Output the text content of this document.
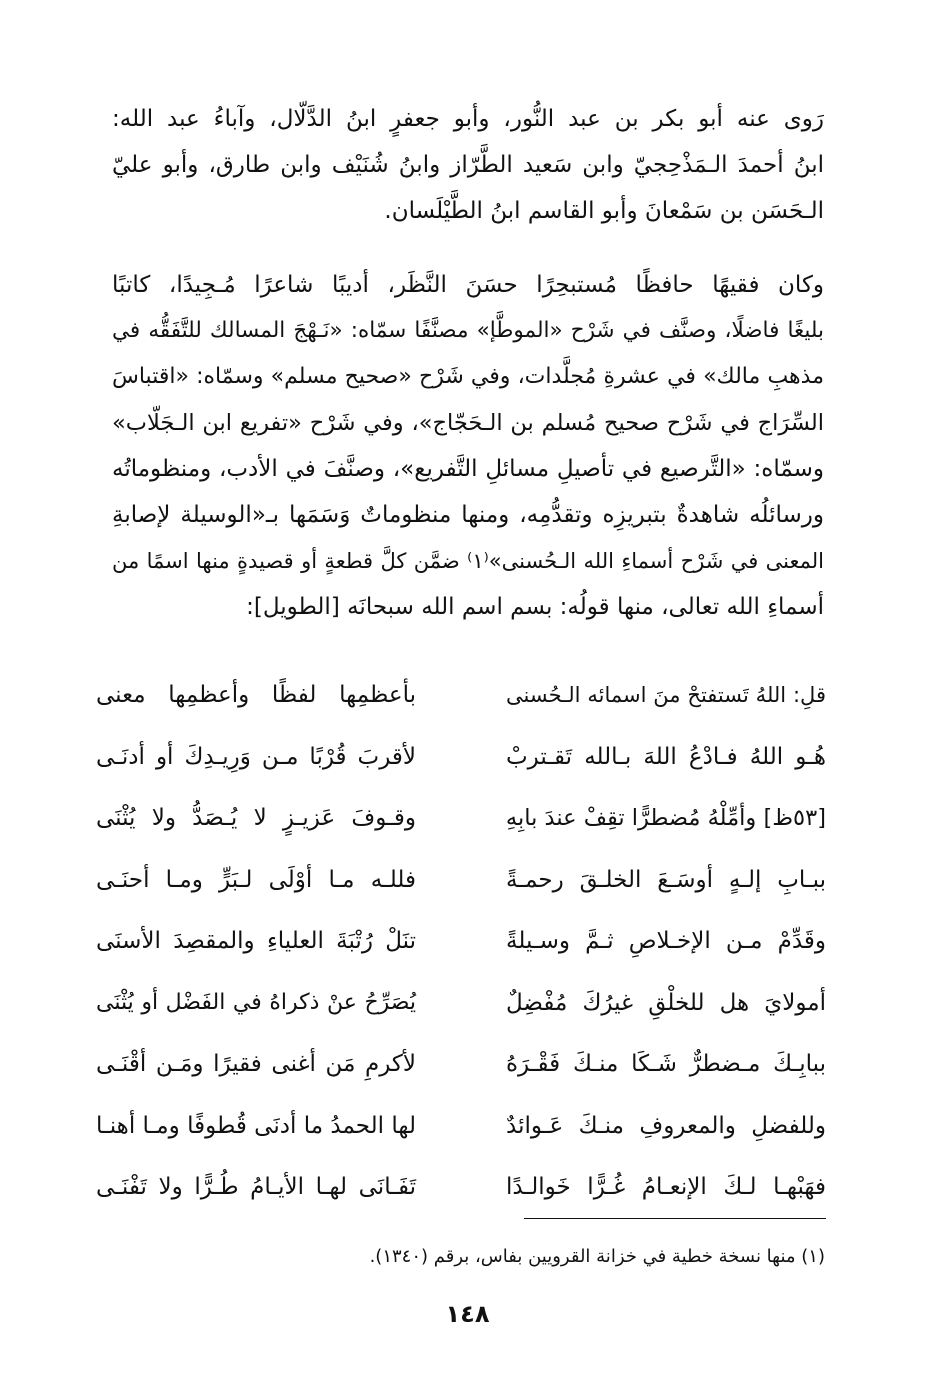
رَوى عنه أبو بكر بن عبد النُّور، وأبو جعفرٍ ابنُ الدَّلّال، وآباءُ عبد الله:
ابنُ أحمدَ الـمَذْحِجيّ وابن سَعيد الطَّرّاز وابنُ شُنَيْف وابن طارق، وأبو عليّ
الـحَسَن بن سَمْعانَ وأبو القاسم ابنُ الطَّيْلَسان.
وكان فقيهًا حافظًا مُستبحِرًا حسَنَ النَّظَر، أديبًا شاعرًا مُـجِيدًا، كاتبًا
بليغًا فاضلًا، وصنَّف في شَرْح «الموطَّإ» مصنَّفًا سمّاه: «نَـهْجَ المسالك للتَّفَقُّه في
مذهبِ مالك» في عشرةِ مُجلَّدات، وفي شَرْح «صحيح مسلم» وسمّاه: «اقتباسَ
السِّرَاج في شَرْح صحيح مُسلم بن الـحَجّاج»، وفي شَرْح «تفريع ابن الـجَلّاب»
وسمّاه: «التَّرصيع في تأصيلِ مسائلِ التَّفريع»، وصنَّفَ في الأدب، ومنظوماتُه
ورسائلُه شاهدةٌ بتبريزِه وتقدُّمِه، ومنها منظوماتٌ وَسَمَها بـ«الوسيلة لإصابةِ
المعنى في شَرْح أسماءِ الله الـحُسنى»⁽١⁾ ضمَّن كلَّ قطعةٍ أو قصيدةٍ منها اسمًا من
أسماءِ الله تعالى، منها قولُه: بسم اسم الله سبحانَه [الطويل]:
قلِ: اللهُ تَستفتحْ منَ اسمائه الـحُسنى
بأعظمِها لفظًا وأعظمِها معنى
هُـو اللهُ فـادْعُ اللهَ بـالله تَقـتربْ
لأقربَ قُرْبًا مـن وَرِيـدِكَ أو أدنَـى
[٥٣ظ] وأمِّلْهُ مُضطرًّا تقِفْ عندَ بابِهِ
وقـوفَ عَزيـزٍ لا يُـصَدُّ ولا يُثْنَى
ببـابِ إلـهٍ أوسَـعَ الخلـقَ رحمـةً
فللـه مـا أوْلَى لـبَرٍّ ومـا أحنَـى
وقَدِّمْ مـن الإخـلاصِ ثـمَّ وسـيلةً
تنَلْ رُتْبَةَ العلياءِ والمقصِدَ الأسنَى
أمولايَ هل للخلْقِ غيرُكَ مُفْضِلٌ
يُصَرِّحُ عنْ ذكراهُ في الفَضْل أو يُثْنَى
ببابِـكَ مـضطرٌّ شَـكَا منـكَ فَقْـرَهُ
لأكرمِ مَن أغنى فقيرًا ومَـن أقْنَـى
وللفضلِ والمعروفِ منـكَ عَـوائدٌ
لها الحمدُ ما أدنَى قُطوفًا ومـا أهنـا
فهَبْهـا لـكَ الإنعـامُ غُـرًّا خَوالـدًا
تَفَـانَى لهـا الأيـامُ طُـرًّا ولا تَفْنَـى
(١) منها نسخة خطية في خزانة القرويين بفاس، برقم (١٣٤٠).
١٤٨
